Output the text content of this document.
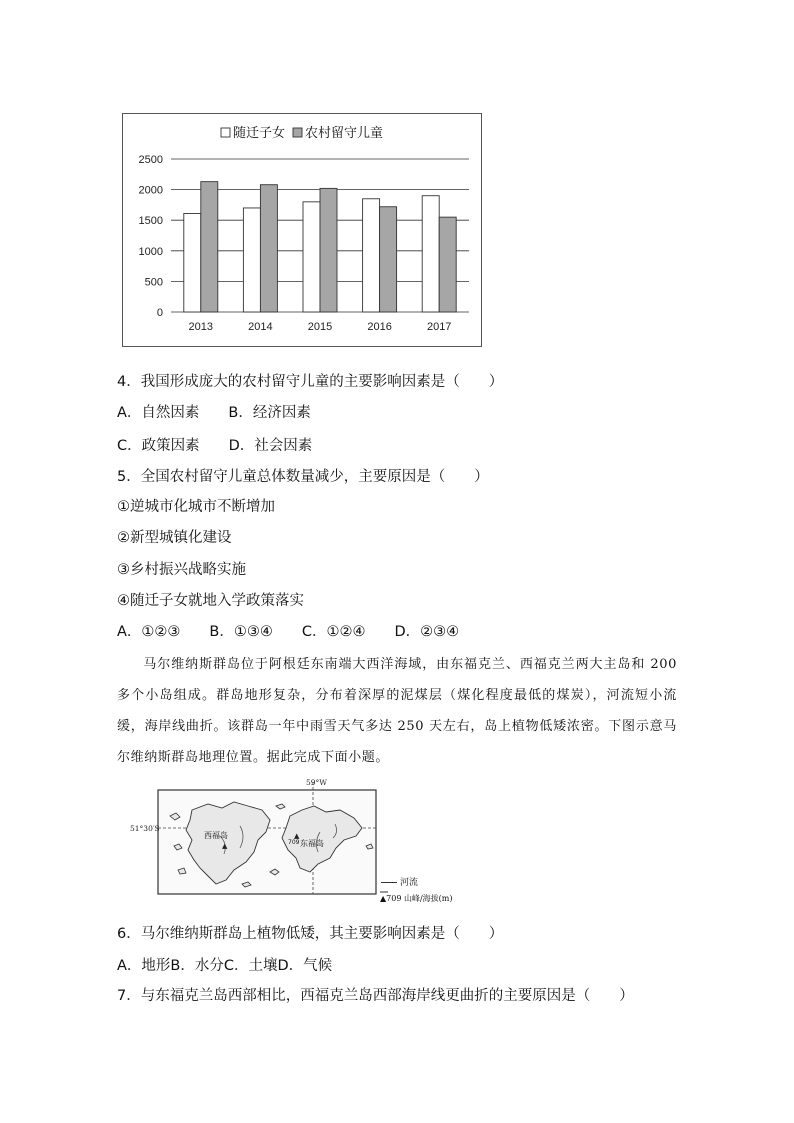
0
500
1000
1500
2000
2500
2013	2014	2015	2016	2017
随迁子女 农村留守儿童
4．我国形成庞大的农村留守儿童的主要影响因素是（　　）
A．自然因素　　B．经济因素
C．政策因素　　D．社会因素
5．全国农村留守儿童总体数量减少，主要原因是（　　）
①逆城市化城市不断增加
②新型城镇化建设
③乡村振兴战略实施
④随迁子女就地入学政策落实
A．①②③　　B．①③④　　C．①②④　　D．②③④
马尔维纳斯群岛位于阿根廷东南端大西洋海域，由东福克兰、西福克兰两大主岛和 200 多个小岛组成。群岛地形复杂，分布着深厚的泥煤层（煤化程度最低的煤炭），河流短小流缓，海岸线曲折。该群岛一年中雨雪天气多达 250 天左右，岛上植物低矮浓密。下图示意马尔维纳斯群岛地理位置。据此完成下面小题。
▲
▲
51°30′S
59°W
西福岛
东福岛
709
河流
▲709 山峰/海拔(m)
6．马尔维纳斯群岛上植物低矮，其主要影响因素是（　　）
A．地形B．水分C．土壤D．气候
7．与东福克兰岛西部相比，西福克兰岛西部海岸线更曲折的主要原因是（　　）
